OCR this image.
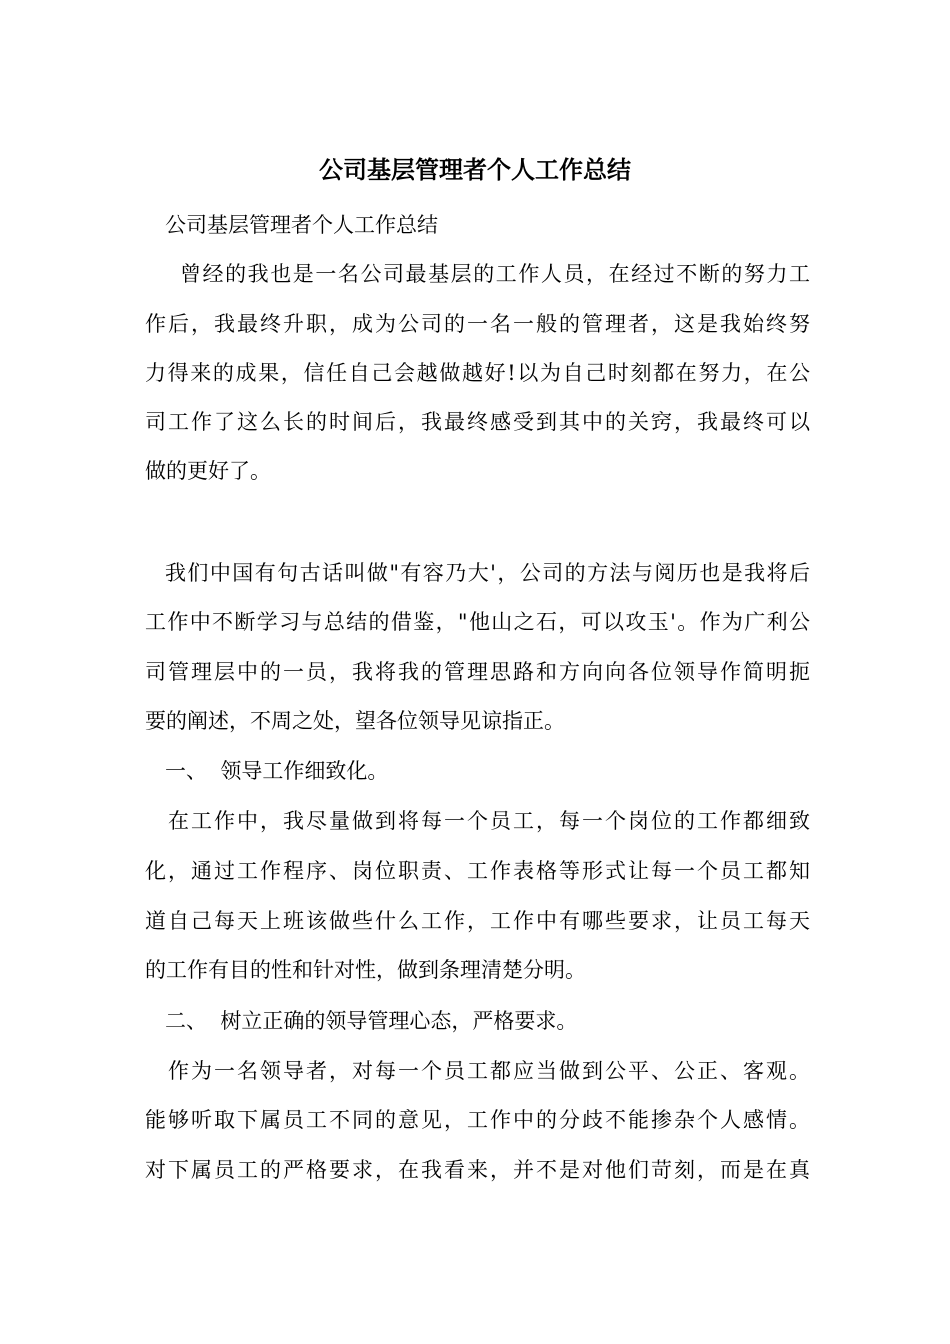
公司基层管理者个人工作总结

公司基层管理者个人工作总结

曾经的我也是一名公司最基层的工作人员，在经过不断的努力工

作后，我最终升职，成为公司的一名一般的管理者，这是我始终努

力得来的成果，信任自己会越做越好!以为自己时刻都在努力，在公

司工作了这么长的时间后，我最终感受到其中的关窍，我最终可以

做的更好了。

我们中国有句古话叫做"有容乃大'，公司的方法与阅历也是我将后

工作中不断学习与总结的借鉴，"他山之石，可以攻玉'。作为广利公

司管理层中的一员，我将我的管理思路和方向向各位领导作简明扼

要的阐述，不周之处，望各位领导见谅指正。

一、  领导工作细致化。

在工作中，我尽量做到将每一个员工，每一个岗位的工作都细致

化，通过工作程序、岗位职责、工作表格等形式让每一个员工都知

道自己每天上班该做些什么工作，工作中有哪些要求，让员工每天

的工作有目的性和针对性，做到条理清楚分明。

二、  树立正确的领导管理心态，严格要求。

作为一名领导者，对每一个员工都应当做到公平、公正、客观。

能够听取下属员工不同的意见，工作中的分歧不能掺杂个人感情。

对下属员工的严格要求，在我看来，并不是对他们苛刻，而是在真
